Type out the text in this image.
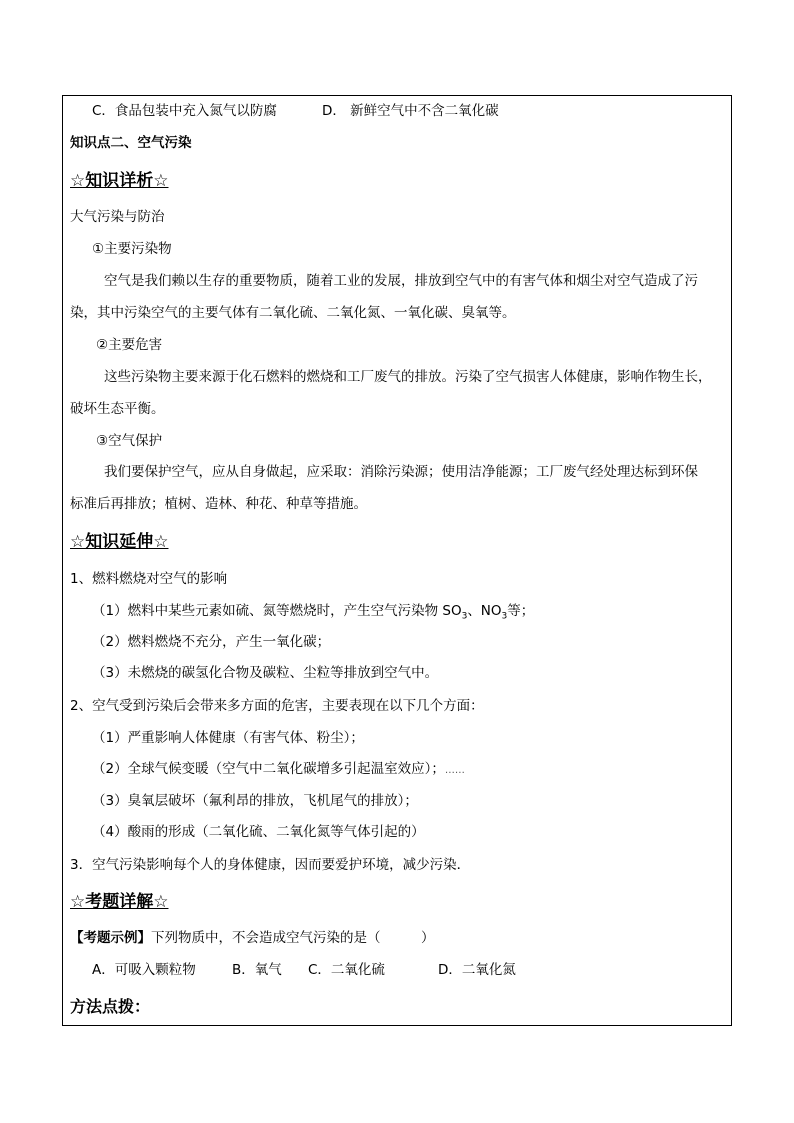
C．食品包装中充入氮气以防腐	D． 新鲜空气中不含二氧化碳
知识点二、空气污染
☆知识详析☆
大气污染与防治
①主要污染物
空气是我们赖以生存的重要物质，随着工业的发展，排放到空气中的有害气体和烟尘对空气造成了污
染，其中污染空气的主要气体有二氧化硫、二氧化氮、一氧化碳、臭氧等。
②主要危害
这些污染物主要来源于化石燃料的燃烧和工厂废气的排放。污染了空气损害人体健康，影响作物生长，
破坏生态平衡。
③空气保护
我们要保护空气，应从自身做起，应采取：消除污染源；使用洁净能源；工厂废气经处理达标到环保
标准后再排放；植树、造林、种花、种草等措施。
☆知识延伸☆
1、燃料燃烧对空气的影响
（1）燃料中某些元素如硫、氮等燃烧时，产生空气污染物 $SO_3$、$NO_3$等；
（2）燃料燃烧不充分，产生一氧化碳；
（3）未燃烧的碳氢化合物及碳粒、尘粒等排放到空气中。
2、空气受到污染后会带来多方面的危害，主要表现在以下几个方面：
（1）严重影响人体健康（有害气体、粉尘）；
（2）全球气候变暖（空气中二氧化碳增多引起温室效应）；……
（3）臭氧层破坏（氟利昂的排放，飞机尾气的排放）；
（4）酸雨的形成（二氧化硫、二氧化氮等气体引起的）
3．空气污染影响每个人的身体健康，因而要爱护环境，减少污染．
☆考题详解☆
【考题示例】下列物质中，不会造成空气污染的是（　　　）
A．可吸入颗粒物	B．氧气 C．二氧化硫	D．二氧化氮
方法点拨：
